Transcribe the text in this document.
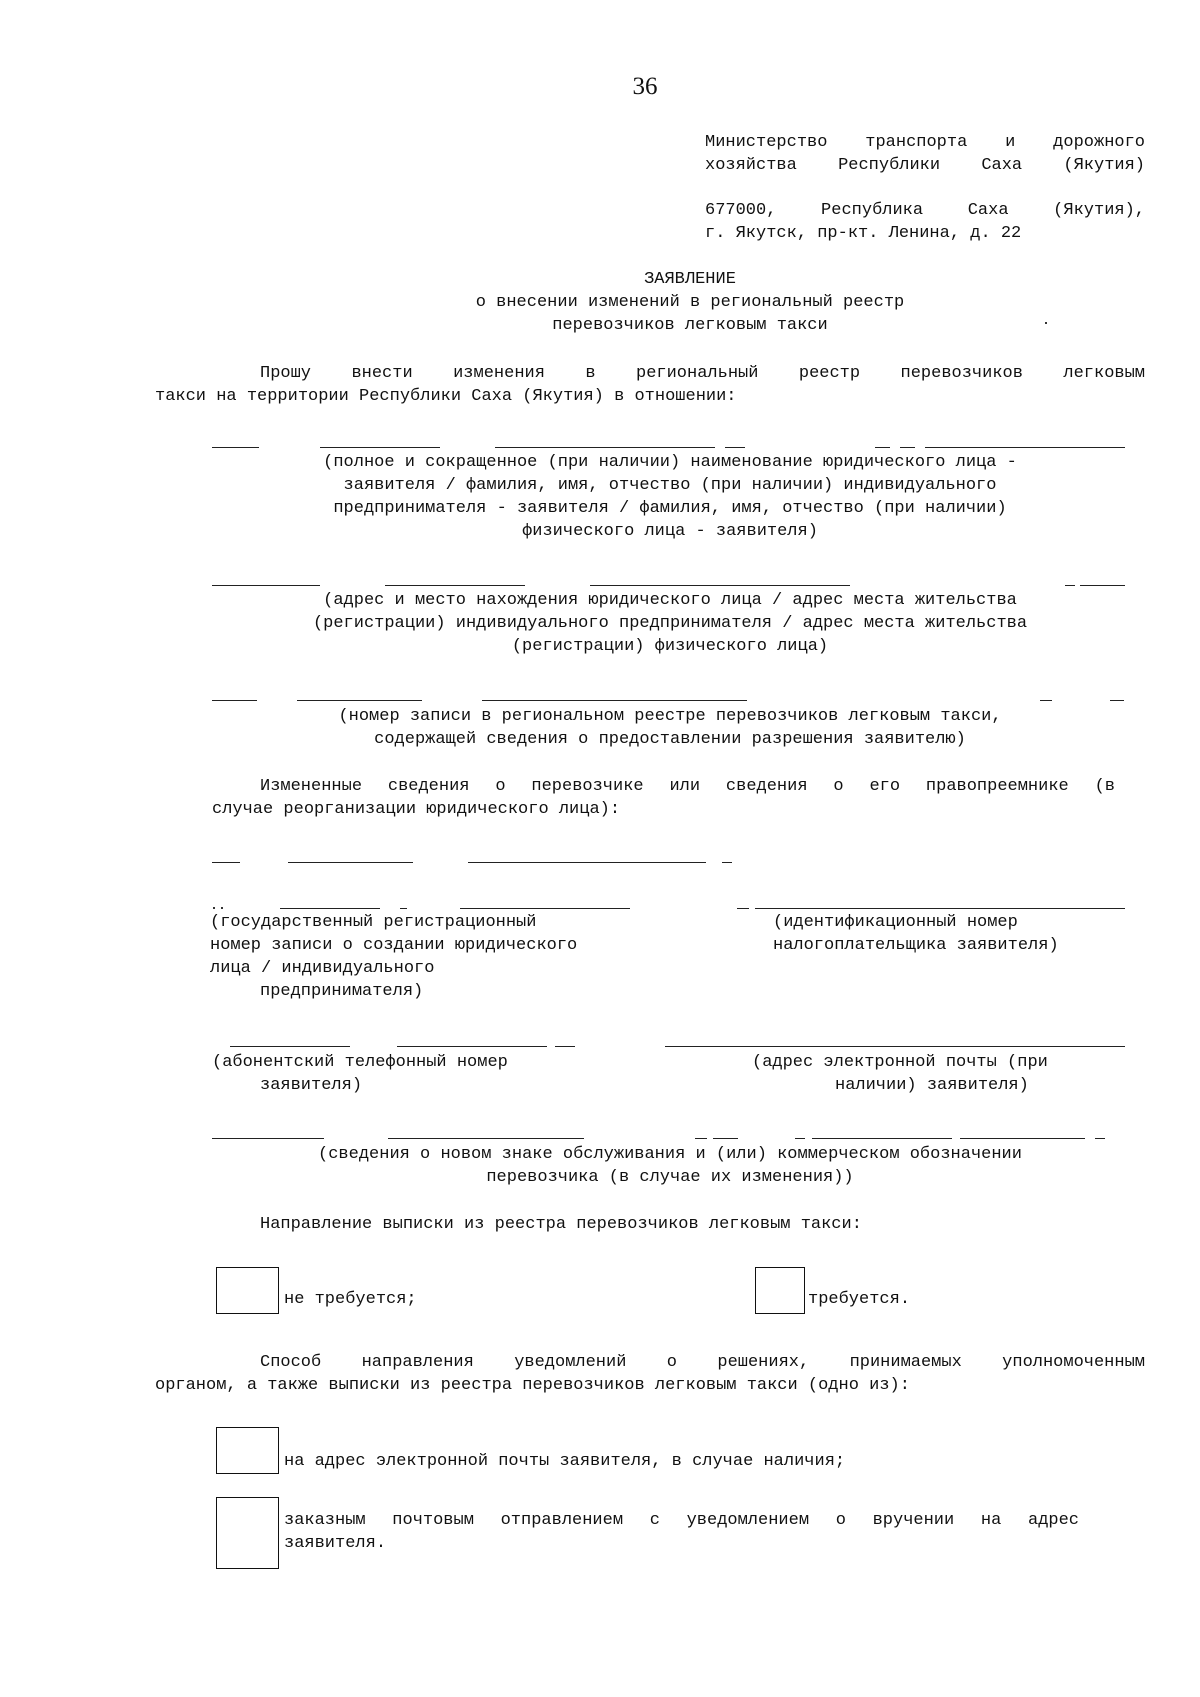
36
Министерство транспорта и дорожного
хозяйства Республики Саха (Якутия)
677000, Республика Саха (Якутия),
г. Якутск, пр-кт. Ленина, д. 22
ЗАЯВЛЕНИЕ
о внесении изменений в региональный реестр
перевозчиков легковым такси
Прошу внести изменения в региональный реестр перевозчиков легковым
такси на территории Республики Саха (Якутия) в отношении:
(полное и сокращенное (при наличии) наименование юридического лица -
заявителя / фамилия, имя, отчество (при наличии) индивидуального
предпринимателя - заявителя / фамилия, имя, отчество (при наличии)
физического лица - заявителя)
(адрес и место нахождения юридического лица / адрес места жительства
(регистрации) индивидуального предпринимателя / адрес места жительства
(регистрации) физического лица)
(номер записи в региональном реестре перевозчиков легковым такси,
содержащей сведения о предоставлении разрешения заявителю)
Измененные сведения о перевозчике или сведения о его правопреемнике (в
случае реорганизации юридического лица):
(государственный регистрационный
номер записи о создании юридического
лица / индивидуального
предпринимателя)
(идентификационный номер
налогоплательщика заявителя)
(абонентский телефонный номер
заявителя)
(адрес электронной почты (при
наличии) заявителя)
(сведения о новом знаке обслуживания и (или) коммерческом обозначении
перевозчика (в случае их изменения))
Направление выписки из реестра перевозчиков легковым такси:
не требуется;	требуется.
Способ направления уведомлений о решениях, принимаемых уполномоченным
органом, а также выписки из реестра перевозчиков легковым такси (одно из):
на адрес электронной почты заявителя, в случае наличия;
заказным почтовым отправлением с уведомлением о вручении на адрес
заявителя.
